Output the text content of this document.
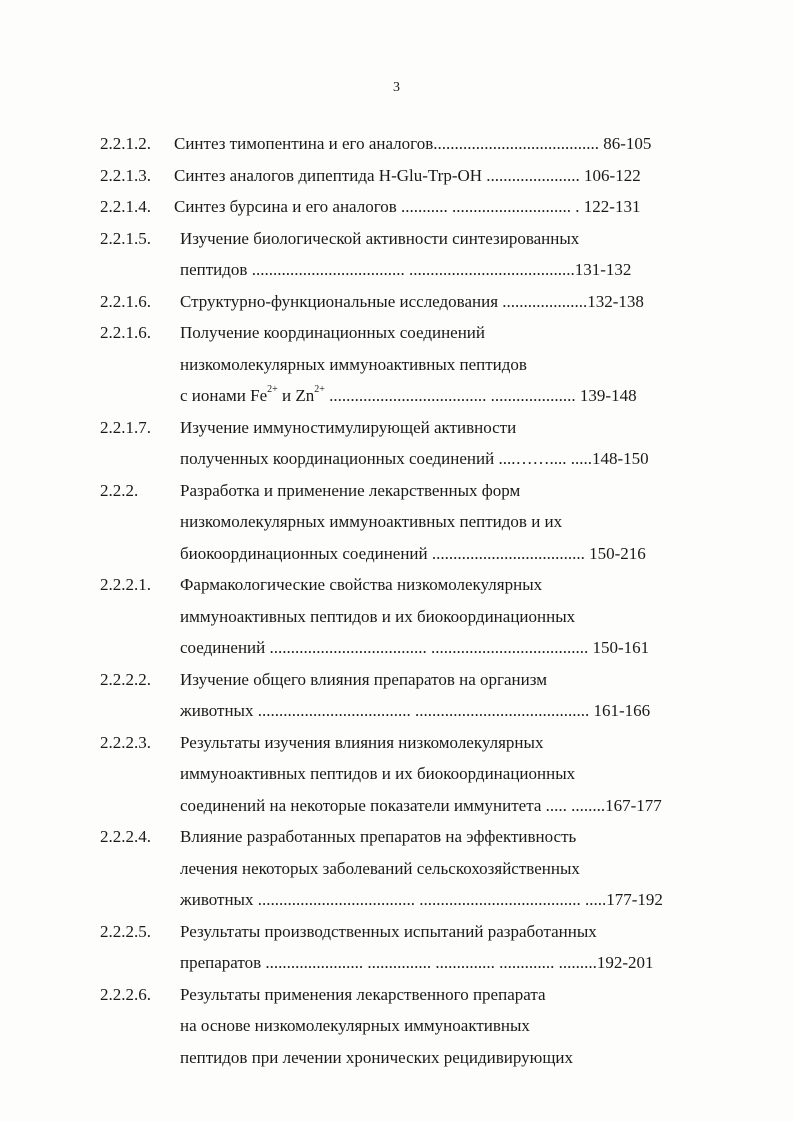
3
2.2.1.2. Синтез тимопентина и его аналогов....................................... 86-105
2.2.1.3. Синтез аналогов дипептида H-Glu-Trp-OH ...................... 106-122
2.2.1.4. Синтез бурсина и его аналогов ........... ............................ . 122-131
2.2.1.5. Изучение биологической активности синтезированных
пептидов .................................... .......................................131-132
2.2.1.6. Структурно-функциональные исследования ....................132-138
2.2.1.6. Получение координационных соединений
низкомолекулярных иммуноактивных пептидов
с ионами $Fe^{2+}$ и $Zn^{2+}$ ..................................... .................... 139-148
2.2.1.7. Изучение иммуностимулирующей активности
полученных координационных соединений ....…….... .....148-150
2.2.2. Разработка и применение лекарственных форм
низкомолекулярных иммуноактивных пептидов и их
биокоординационных соединений .................................... 150-216
2.2.2.1. Фармакологические свойства низкомолекулярных
иммуноактивных пептидов и их биокоординационных
соединений ..................................... ..................................... 150-161
2.2.2.2. Изучение общего влияния препаратов на организм
животных .................................... ......................................... 161-166
2.2.2.3. Результаты изучения влияния низкомолекулярных
иммуноактивных пептидов и их биокоординационных
соединений на некоторые показатели иммунитета ..... ........167-177
2.2.2.4. Влияние разработанных препаратов на эффективность
лечения некоторых заболеваний сельскохозяйственных
животных ..................................... ...................................... .....177-192
2.2.2.5. Результаты производственных испытаний разработанных
препаратов ....................... ............... .............. ............. .........192-201
2.2.2.6. Результаты применения лекарственного препарата
на основе низкомолекулярных иммуноактивных
пептидов при лечении хронических рецидивирующих
